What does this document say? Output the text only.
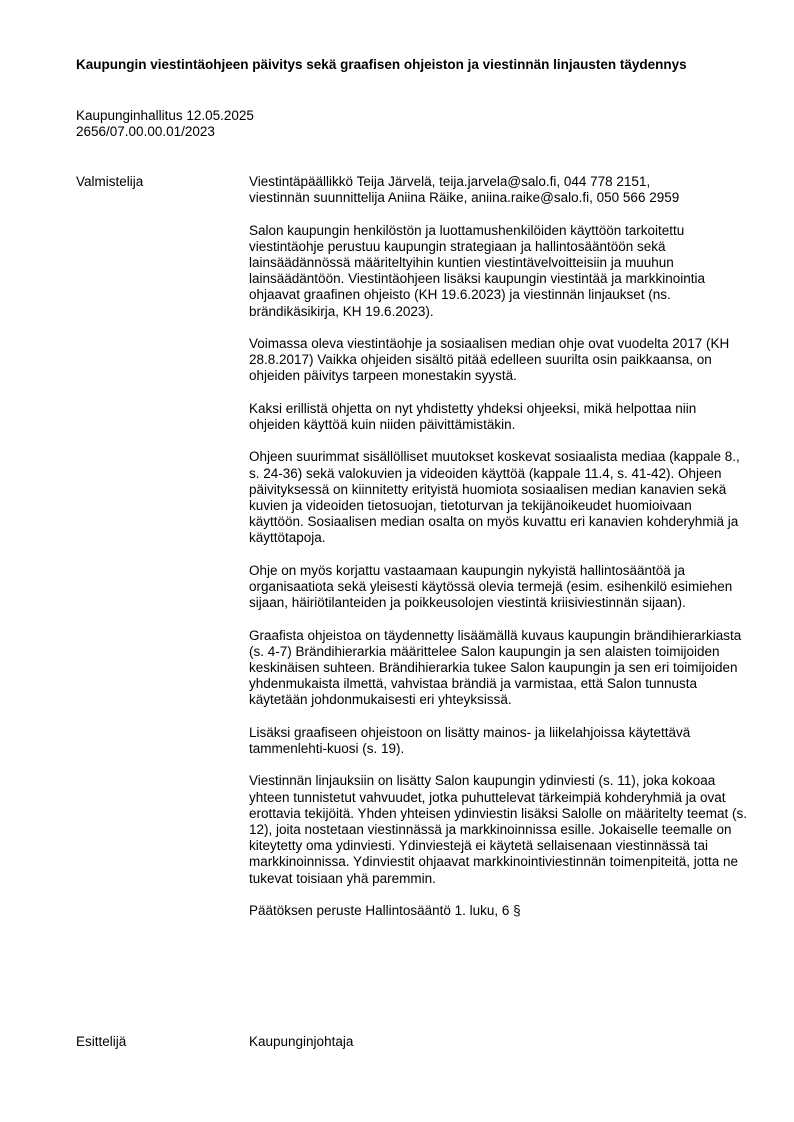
Kaupungin viestintäohjeen päivitys sekä graafisen ohjeiston ja viestinnän linjausten täydennys
Kaupunginhallitus 12.05.2025
2656/07.00.00.01/2023
Valmistelija	Viestintäpäällikkö Teija Järvelä, teija.jarvela@salo.fi, 044 778 2151,
viestinnän suunnittelija Aniina Räike, aniina.raike@salo.fi, 050 566 2959

Salon kaupungin henkilöstön ja luottamushenkilöiden käyttöön tarkoitettu viestintäohje perustuu kaupungin strategiaan ja hallintosääntöön sekä lainsäädännössä määriteltyihin kuntien viestintävelvoitteisiin ja muuhun lainsäädäntöön. Viestintäohjeen lisäksi kaupungin viestintää ja markkinointia ohjaavat graafinen ohjeisto (KH 19.6.2023) ja viestinnän linjaukset (ns. brändikäsikirja, KH 19.6.2023).

Voimassa oleva viestintäohje ja sosiaalisen median ohje ovat vuodelta 2017 (KH 28.8.2017) Vaikka ohjeiden sisältö pitää edelleen suurilta osin paikkaansa, on ohjeiden päivitys tarpeen monestakin syystä.

Kaksi erillistä ohjetta on nyt yhdistetty yhdeksi ohjeeksi, mikä helpottaa niin ohjeiden käyttöä kuin niiden päivittämistäkin.

Ohjeen suurimmat sisällölliset muutokset koskevat sosiaalista mediaa (kappale 8., s. 24-36) sekä valokuvien ja videoiden käyttöä (kappale 11.4, s. 41-42). Ohjeen päivityksessä on kiinnitetty erityistä huomiota sosiaalisen median kanavien sekä kuvien ja videoiden tietosuojan, tietoturvan ja tekijänoikeudet huomioivaan käyttöön. Sosiaalisen median osalta on myös kuvattu eri kanavien kohderyhmiä ja käyttötapoja.

Ohje on myös korjattu vastaamaan kaupungin nykyistä hallintosääntöä ja organisaatiota sekä yleisesti käytössä olevia termejä (esim. esihenkilö esimiehen sijaan, häiriötilanteiden ja poikkeusolojen viestintä kriisiviestinnän sijaan).

Graafista ohjeistoa on täydennetty lisäämällä kuvaus kaupungin brändihierarkiasta (s. 4-7) Brändihierarkia määrittelee Salon kaupungin ja sen alaisten toimijoiden keskinäisen suhteen. Brändihierarkia tukee Salon kaupungin ja sen eri toimijoiden yhdenmukaista ilmettä, vahvistaa brändiä ja varmistaa, että Salon tunnusta käytetään johdonmukaisesti eri yhteyksissä.

Lisäksi graafiseen ohjeistoon on lisätty mainos- ja liikelahjoissa käytettävä tammenlehti-kuosi (s. 19).

Viestinnän linjauksiin on lisätty Salon kaupungin ydinviesti (s. 11), joka kokoaa yhteen tunnistetut vahvuudet, jotka puhuttelevat tärkeimpiä kohderyhmiä ja ovat erottavia tekijöitä. Yhden yhteisen ydinviestin lisäksi Salolle on määritelty teemat (s. 12), joita nostetaan viestinnässä ja markkinoinnissa esille. Jokaiselle teemalle on kiteytetty oma ydinviesti. Ydinviestejä ei käytetä sellaisenaan viestinnässä tai markkinoinnissa. Ydinviestit ohjaavat markkinointiviestinnän toimenpiteitä, jotta ne tukevat toisiaan yhä paremmin.

Päätöksen peruste Hallintosääntö 1. luku, 6 §

Esittelijä	Kaupunginjohtaja
